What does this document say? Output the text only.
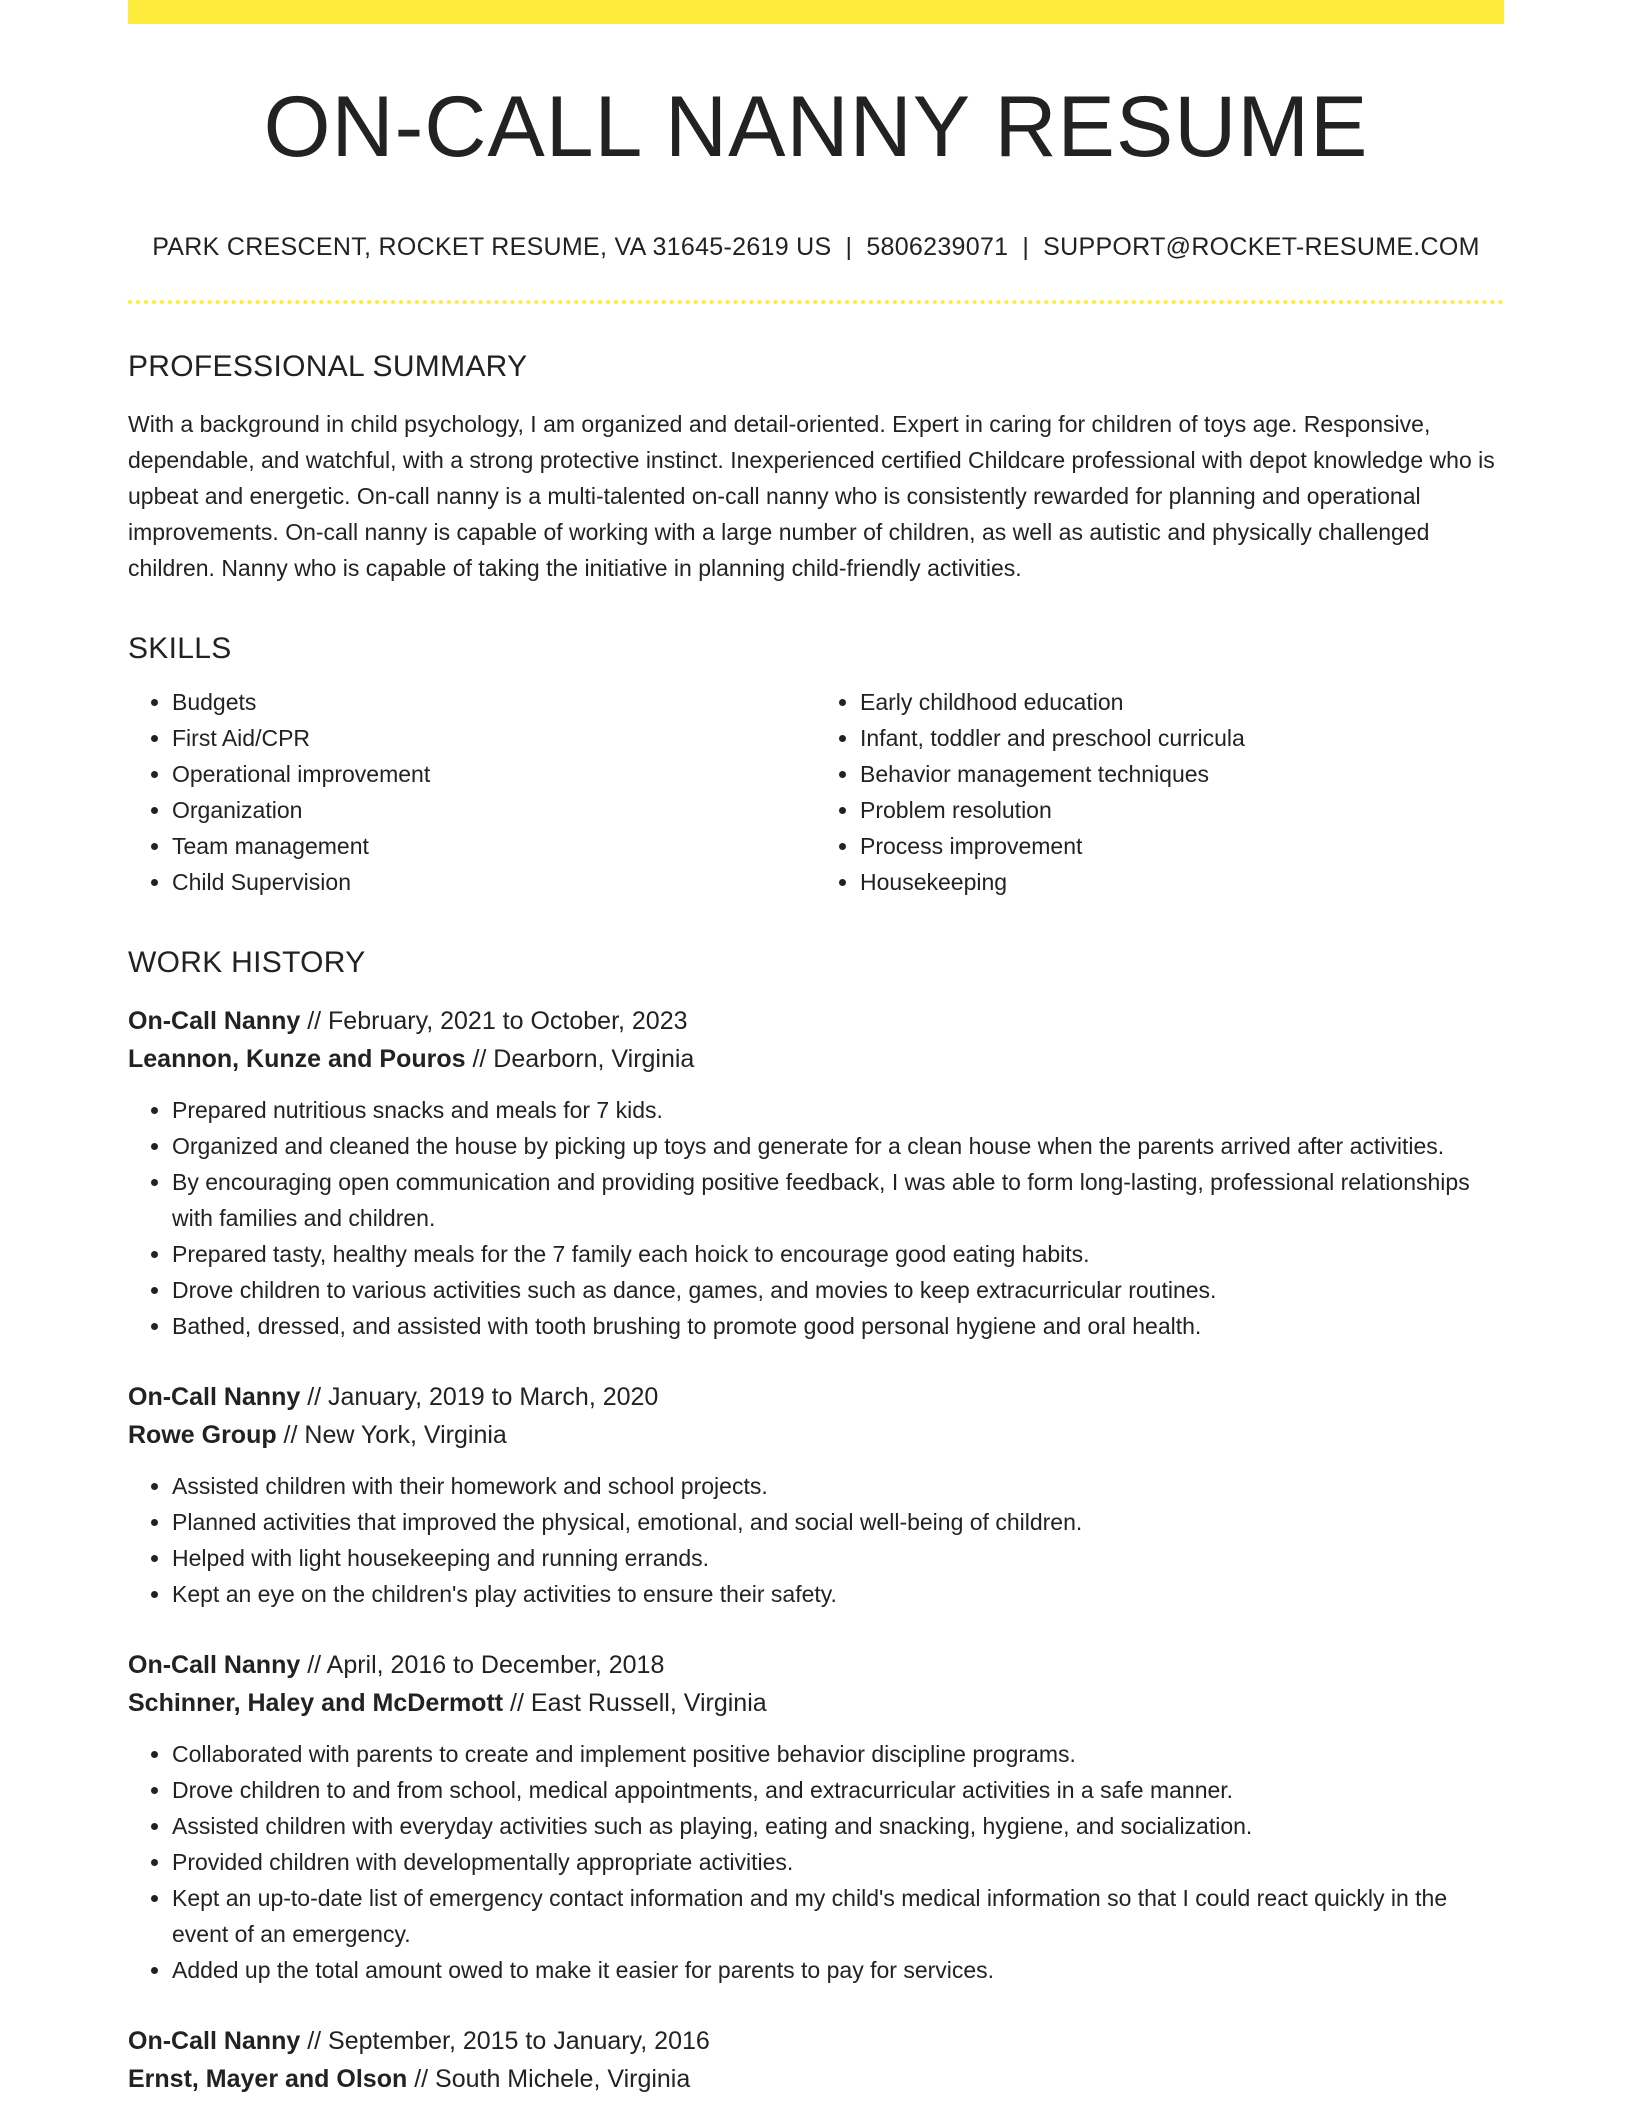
ON-CALL NANNY RESUME
PARK CRESCENT, ROCKET RESUME, VA 31645-2619 US | 5806239071 | SUPPORT@ROCKET-RESUME.COM
PROFESSIONAL SUMMARY
With a background in child psychology, I am organized and detail-oriented. Expert in caring for children of toys age. Responsive, dependable, and watchful, with a strong protective instinct. Inexperienced certified Childcare professional with depot knowledge who is upbeat and energetic. On-call nanny is a multi-talented on-call nanny who is consistently rewarded for planning and operational improvements. On-call nanny is capable of working with a large number of children, as well as autistic and physically challenged children. Nanny who is capable of taking the initiative in planning child-friendly activities.
SKILLS
• Budgets
• First Aid/CPR
• Operational improvement
• Organization
• Team management
• Child Supervision
• Early childhood education
• Infant, toddler and preschool curricula
• Behavior management techniques
• Problem resolution
• Process improvement
• Housekeeping
WORK HISTORY
On-Call Nanny // February, 2021 to October, 2023
Leannon, Kunze and Pouros // Dearborn, Virginia
• Prepared nutritious snacks and meals for 7 kids.
• Organized and cleaned the house by picking up toys and generate for a clean house when the parents arrived after activities.
• By encouraging open communication and providing positive feedback, I was able to form long-lasting, professional relationships with families and children.
• Prepared tasty, healthy meals for the 7 family each hoick to encourage good eating habits.
• Drove children to various activities such as dance, games, and movies to keep extracurricular routines.
• Bathed, dressed, and assisted with tooth brushing to promote good personal hygiene and oral health.
On-Call Nanny // January, 2019 to March, 2020
Rowe Group // New York, Virginia
• Assisted children with their homework and school projects.
• Planned activities that improved the physical, emotional, and social well-being of children.
• Helped with light housekeeping and running errands.
• Kept an eye on the children's play activities to ensure their safety.
On-Call Nanny // April, 2016 to December, 2018
Schinner, Haley and McDermott // East Russell, Virginia
• Collaborated with parents to create and implement positive behavior discipline programs.
• Drove children to and from school, medical appointments, and extracurricular activities in a safe manner.
• Assisted children with everyday activities such as playing, eating and snacking, hygiene, and socialization.
• Provided children with developmentally appropriate activities.
• Kept an up-to-date list of emergency contact information and my child's medical information so that I could react quickly in the event of an emergency.
• Added up the total amount owed to make it easier for parents to pay for services.
On-Call Nanny // September, 2015 to January, 2016
Ernst, Mayer and Olson // South Michele, Virginia
